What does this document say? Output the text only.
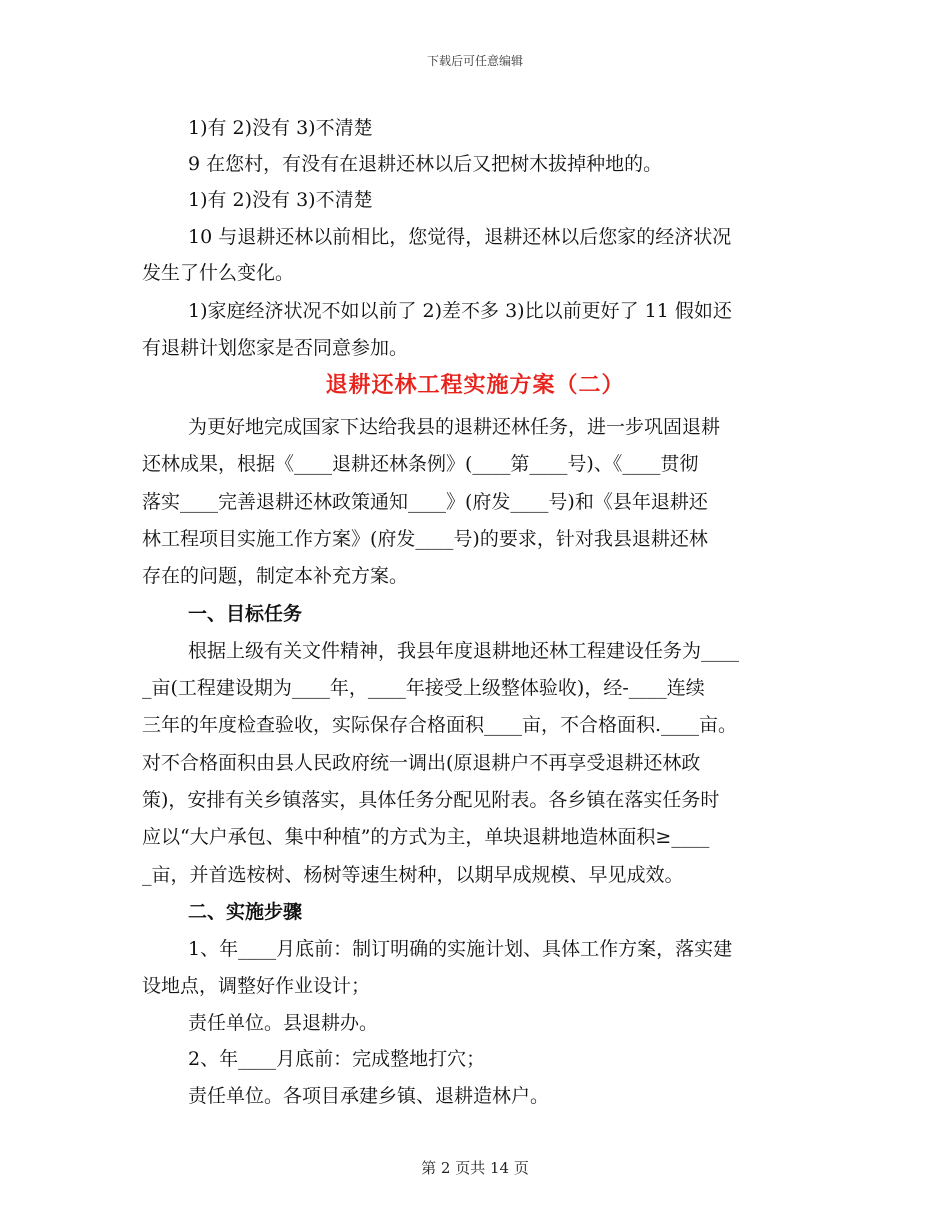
下载后可任意编辑
1)有 2)没有 3)不清楚
9 在您村，有没有在退耕还林以后又把树木拔掉种地的。
1)有 2)没有 3)不清楚
10 与退耕还林以前相比，您觉得，退耕还林以后您家的经济状况
发生了什么变化。
1)家庭经济状况不如以前了 2)差不多 3)比以前更好了 11 假如还
有退耕计划您家是否同意参加。
退耕还林工程实施方案（二）
为更好地完成国家下达给我县的退耕还林任务，进一步巩固退耕
还林成果，根据《____退耕还林条例》(____第____号)、《____贯彻
落实____完善退耕还林政策通知____》(府发____号)和《县年退耕还
林工程项目实施工作方案》(府发____号)的要求，针对我县退耕还林
存在的问题，制定本补充方案。
一、目标任务
根据上级有关文件精神，我县年度退耕地还林工程建设任务为____
_亩(工程建设期为____年，____年接受上级整体验收)，经-____连续
三年的年度检查验收，实际保存合格面积____亩，不合格面积.____亩。
对不合格面积由县人民政府统一调出(原退耕户不再享受退耕还林政
策)，安排有关乡镇落实，具体任务分配见附表。各乡镇在落实任务时
应以“大户承包、集中种植”的方式为主，单块退耕地造林面积≥____
_亩，并首选桉树、杨树等速生树种，以期早成规模、早见成效。
二、实施步骤
1、年____月底前：制订明确的实施计划、具体工作方案，落实建
设地点，调整好作业设计；
责任单位。县退耕办。
2、年____月底前：完成整地打穴；
责任单位。各项目承建乡镇、退耕造林户。
第 2 页共 14 页
